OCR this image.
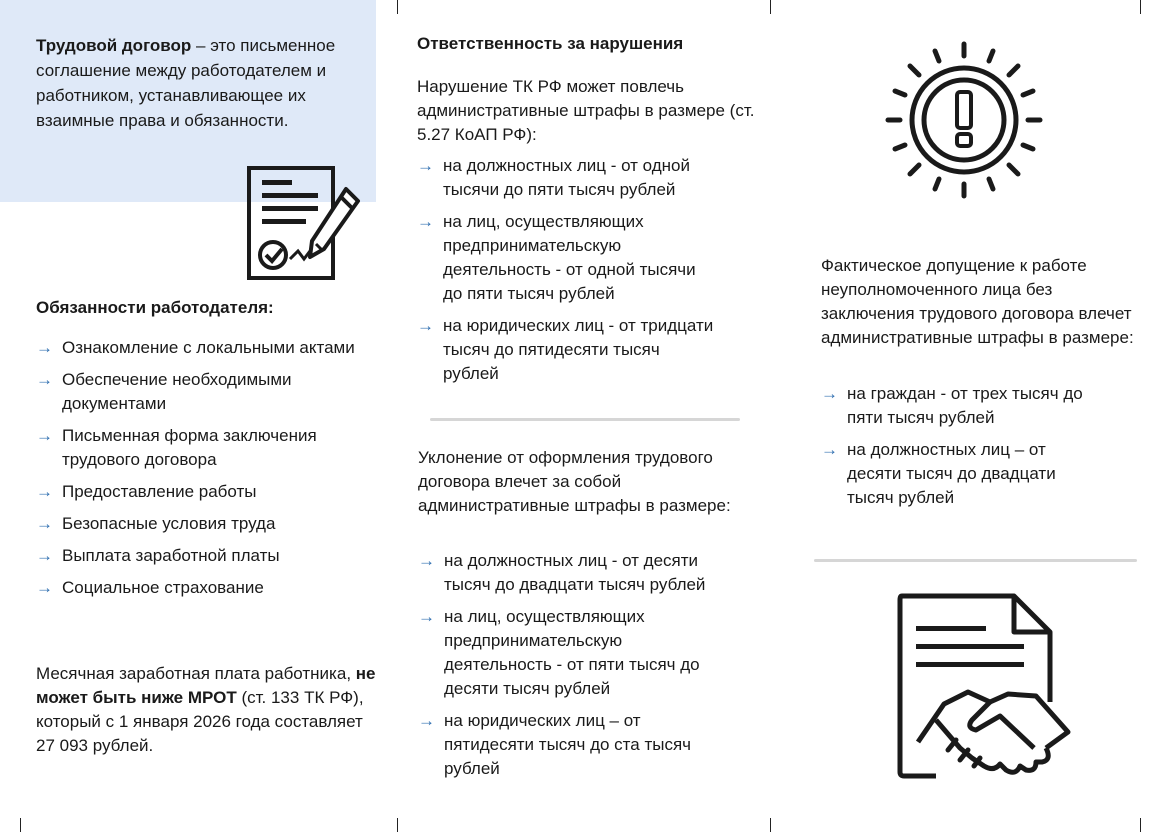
Трудовой договор – это письменное соглашение между работодателем и работником, устанавливающее их взаимные права и обязанности.

Обязанности работодателя:
→ Ознакомление с локальными актами
→ Обеспечение необходимыми документами
→ Письменная форма заключения трудового договора
→ Предоставление работы
→ Безопасные условия труда
→ Выплата заработной платы
→ Социальное страхование

Месячная заработная плата работника, не может быть ниже МРОТ (ст. 133 ТК РФ), который с 1 января 2026 года составляет 27 093 рублей.

Ответственность за нарушения

Нарушение ТК РФ может повлечь административные штрафы в размере (ст. 5.27 КоАП РФ):

→ на должностных лиц - от одной тысячи до пяти тысяч рублей
→ на лиц, осуществляющих предпринимательскую деятельность - от одной тысячи до пяти тысяч рублей
→ на юридических лиц - от тридцати тысяч до пятидесяти тысяч рублей

Уклонение от оформления трудового договора влечет за собой административные штрафы в размере:

→ на должностных лиц - от десяти тысяч до двадцати тысяч рублей
→ на лиц, осуществляющих предпринимательскую деятельность - от пяти тысяч до десяти тысяч рублей
→ на юридических лиц – от пятидесяти тысяч до ста тысяч рублей

Фактическое допущение к работе неуполномоченного лица без заключения трудового договора влечет административные штрафы в размере:

→ на граждан - от трех тысяч до пяти тысяч рублей
→ на должностных лиц – от десяти тысяч до двадцати тысяч рублей
